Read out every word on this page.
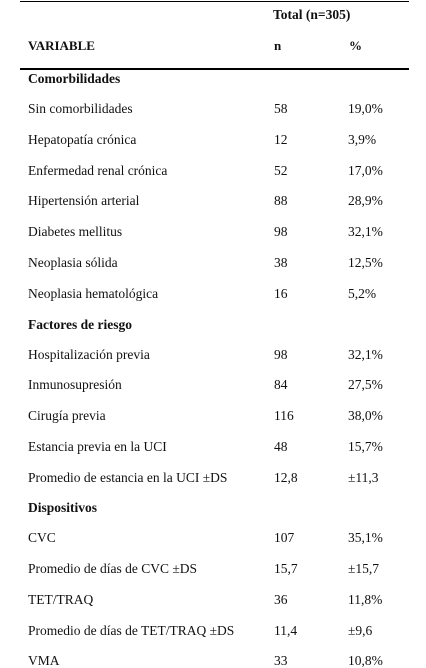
Total (n=305)
VARIABLE	n	%
Comorbilidades
Sin comorbilidades	58	19,0%
Hepatopatía crónica	12	3,9%
Enfermedad renal crónica	52	17,0%
Hipertensión arterial	88	28,9%
Diabetes mellitus	98	32,1%
Neoplasia sólida	38	12,5%
Neoplasia hematológica	16	5,2%
Factores de riesgo
Hospitalización previa	98	32,1%
Inmunosupresión	84	27,5%
Cirugía previa	116	38,0%
Estancia previa en la UCI	48	15,7%
Promedio de estancia en la UCI ±DS	12,8	±11,3
Dispositivos
CVC	107	35,1%
Promedio de días de CVC ±DS	15,7	±15,7
TET/TRAQ	36	11,8%
Promedio de días de TET/TRAQ ±DS	11,4	±9,6
VMA	33	10,8%
